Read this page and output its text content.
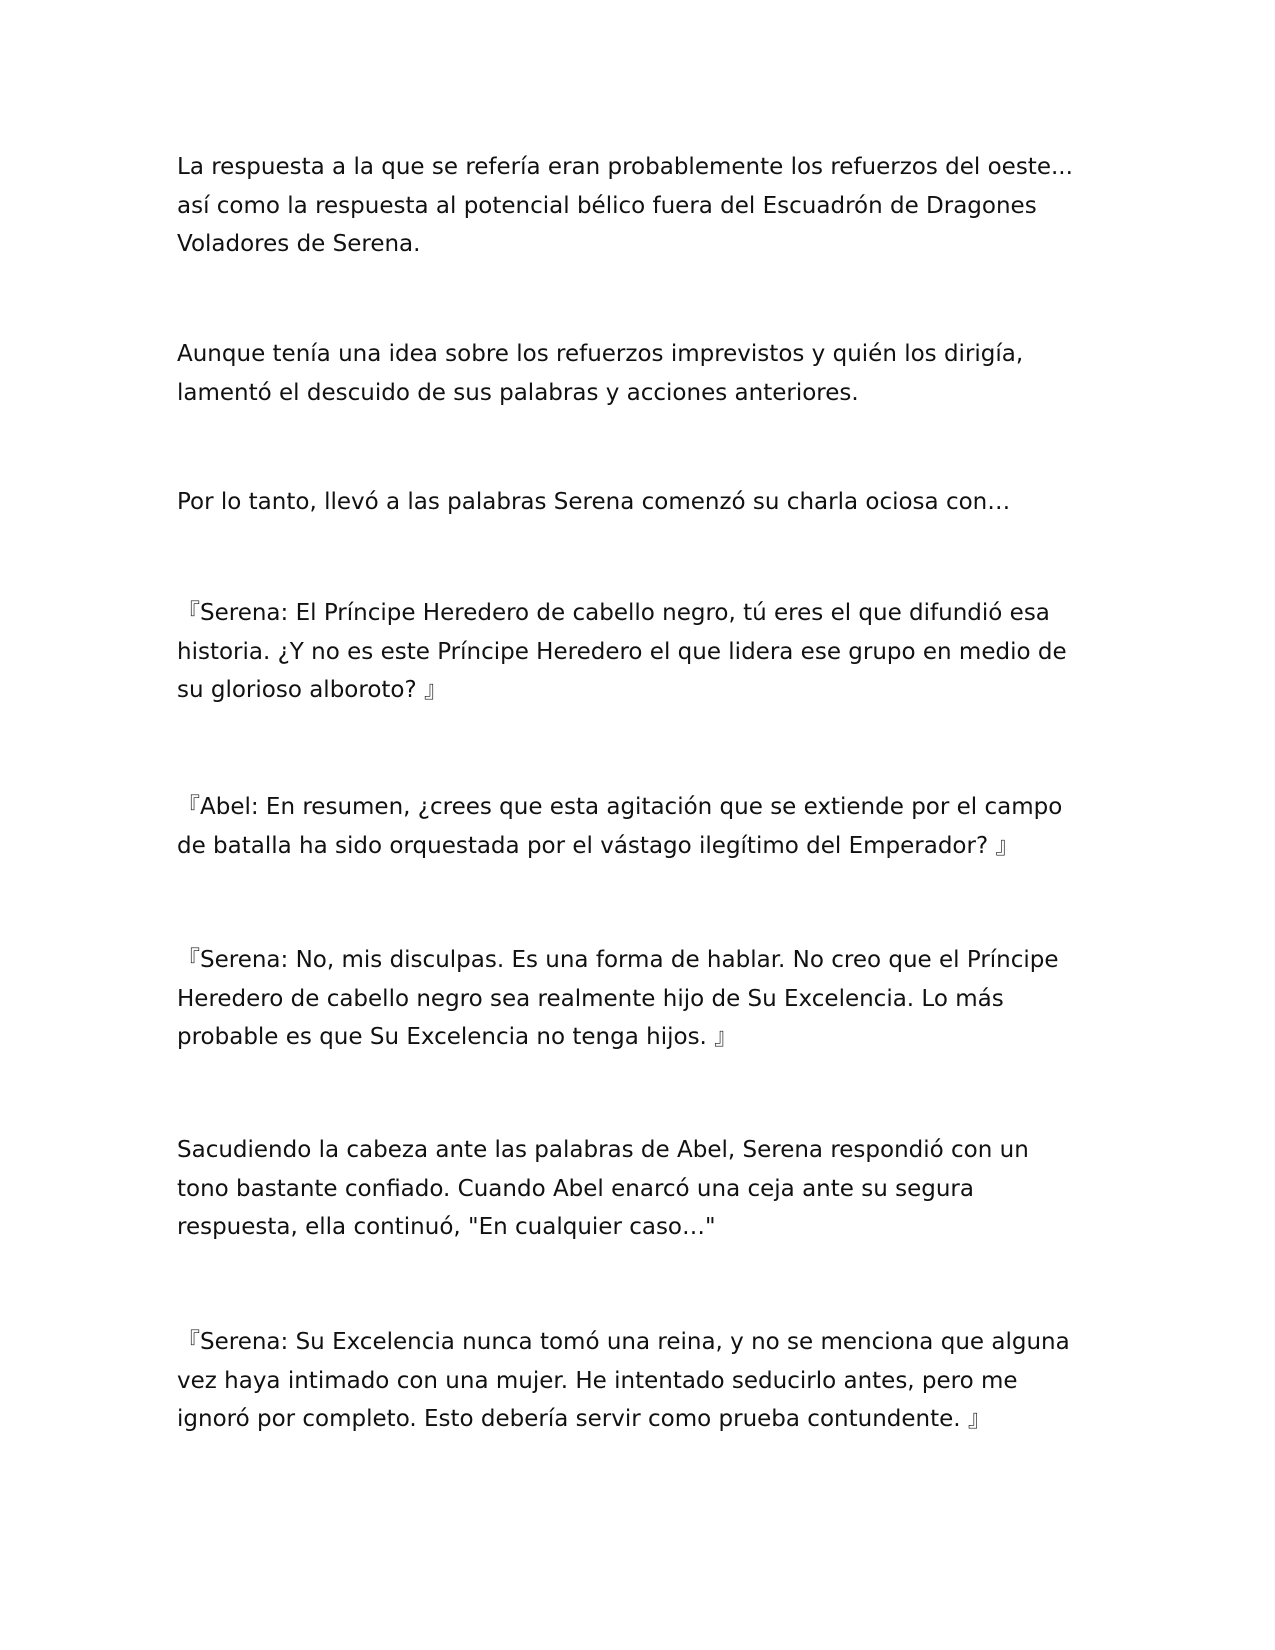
La respuesta a la que se refería eran probablemente los refuerzos del oeste...
así como la respuesta al potencial bélico fuera del Escuadrón de Dragones
Voladores de Serena.

Aunque tenía una idea sobre los refuerzos imprevistos y quién los dirigía,
lamentó el descuido de sus palabras y acciones anteriores.

Por lo tanto, llevó a las palabras Serena comenzó su charla ociosa con…

『Serena: El Príncipe Heredero de cabello negro, tú eres el que difundió esa
historia. ¿Y no es este Príncipe Heredero el que lidera ese grupo en medio de
su glorioso alboroto? 』

『Abel: En resumen, ¿crees que esta agitación que se extiende por el campo
de batalla ha sido orquestada por el vástago ilegítimo del Emperador? 』

『Serena: No, mis disculpas. Es una forma de hablar. No creo que el Príncipe
Heredero de cabello negro sea realmente hijo de Su Excelencia. Lo más
probable es que Su Excelencia no tenga hijos. 』

Sacudiendo la cabeza ante las palabras de Abel, Serena respondió con un
tono bastante confiado. Cuando Abel enarcó una ceja ante su segura
respuesta, ella continuó, "En cualquier caso…"

『Serena: Su Excelencia nunca tomó una reina, y no se menciona que alguna
vez haya intimado con una mujer. He intentado seducirlo antes, pero me
ignoró por completo. Esto debería servir como prueba contundente. 』
